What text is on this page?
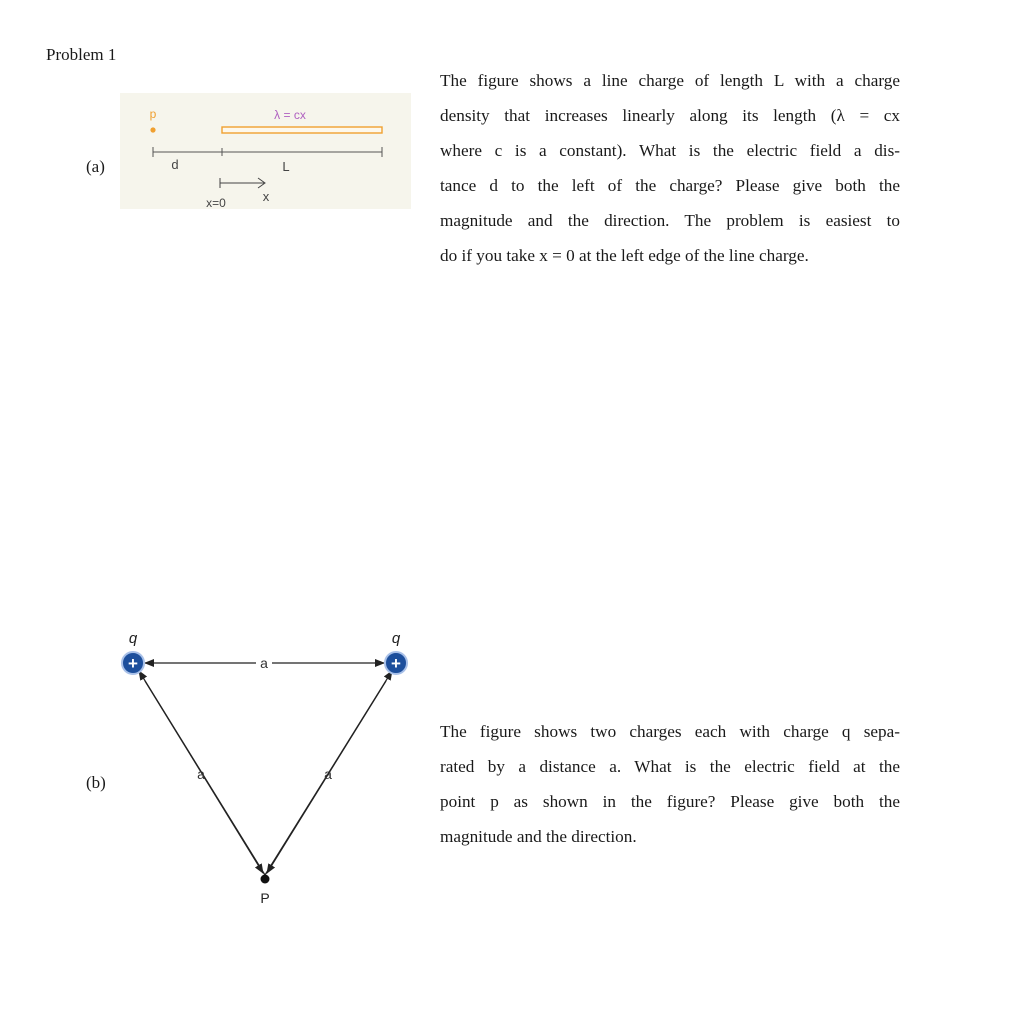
Problem 1
(a)
p	λ = cx
d	L
x=0	x
The figure shows a line charge of length L with a charge
density that increases linearly along its length (λ = cx
where c is a constant). What is the electric field a dis-
tance d to the left of the charge? Please give both the
magnitude and the direction. The problem is easiest to
do if you take x = 0 at the left edge of the line charge.
(b)
q	q
a
a	a
+	+
P
The figure shows two charges each with charge q sepa-
rated by a distance a. What is the electric field at the
point p as shown in the figure? Please give both the
magnitude and the direction.
